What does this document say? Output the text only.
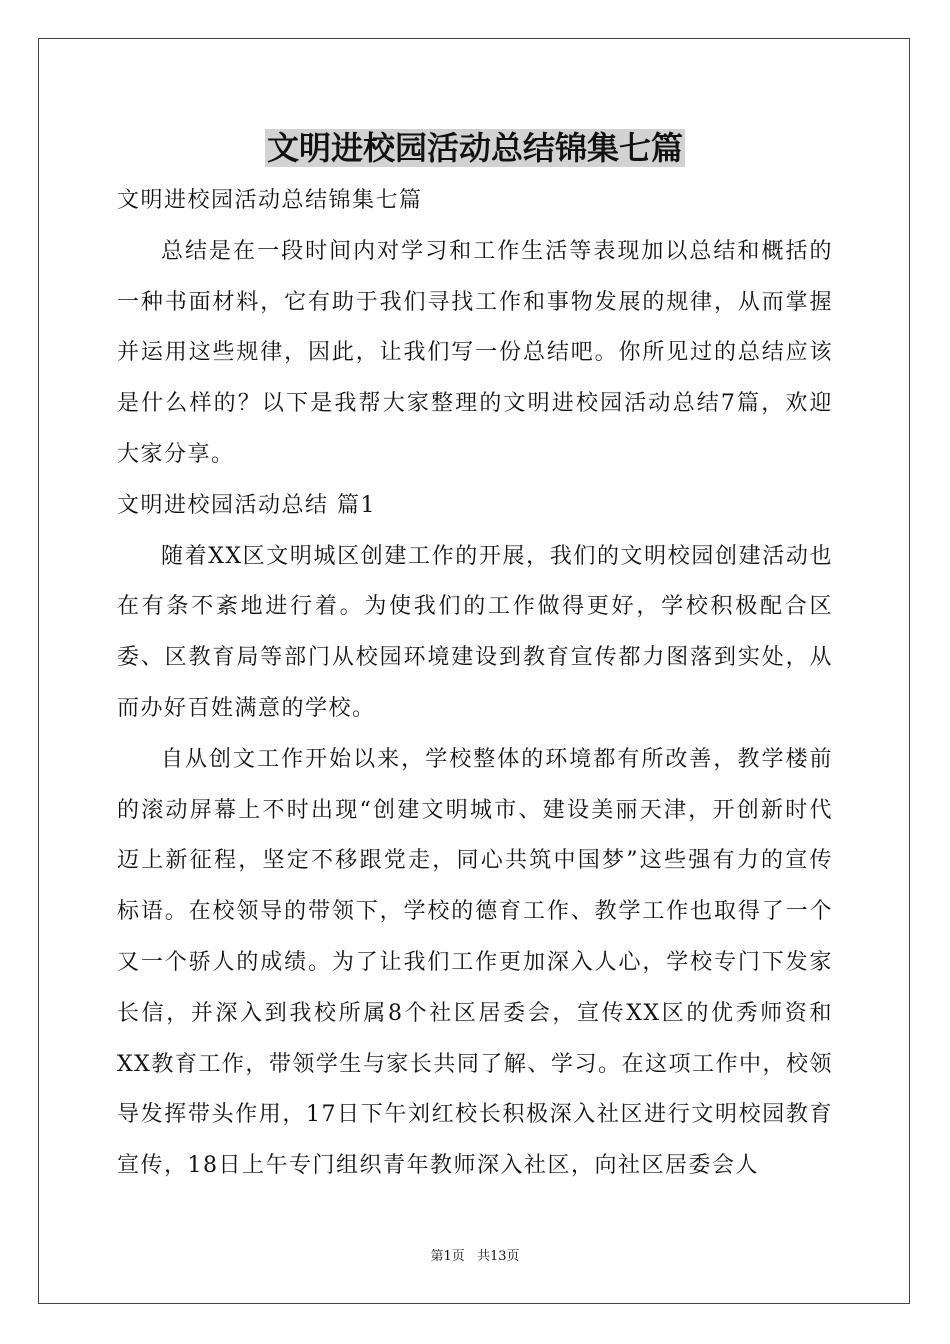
文明进校园活动总结锦集七篇

文明进校园活动总结锦集七篇

总结是在一段时间内对学习和工作生活等表现加以总结和概括的一种书面材料，它有助于我们寻找工作和事物发展的规律，从而掌握并运用这些规律，因此，让我们写一份总结吧。你所见过的总结应该是什么样的？以下是我帮大家整理的文明进校园活动总结7篇，欢迎大家分享。

文明进校园活动总结 篇1

随着XX区文明城区创建工作的开展，我们的文明校园创建活动也在有条不紊地进行着。为使我们的工作做得更好，学校积极配合区委、区教育局等部门从校园环境建设到教育宣传都力图落到实处，从而办好百姓满意的学校。

自从创文工作开始以来，学校整体的环境都有所改善，教学楼前的滚动屏幕上不时出现“创建文明城市、建设美丽天津，开创新时代迈上新征程，坚定不移跟党走，同心共筑中国梦”这些强有力的宣传标语。在校领导的带领下，学校的德育工作、教学工作也取得了一个又一个骄人的成绩。为了让我们工作更加深入人心，学校专门下发家长信，并深入到我校所属8个社区居委会，宣传XX区的优秀师资和XX教育工作，带领学生与家长共同了解、学习。在这项工作中，校领导发挥带头作用，17日下午刘红校长积极深入社区进行文明校园教育宣传，18日上午专门组织青年教师深入社区，向社区居委会人

第1页 共13页
